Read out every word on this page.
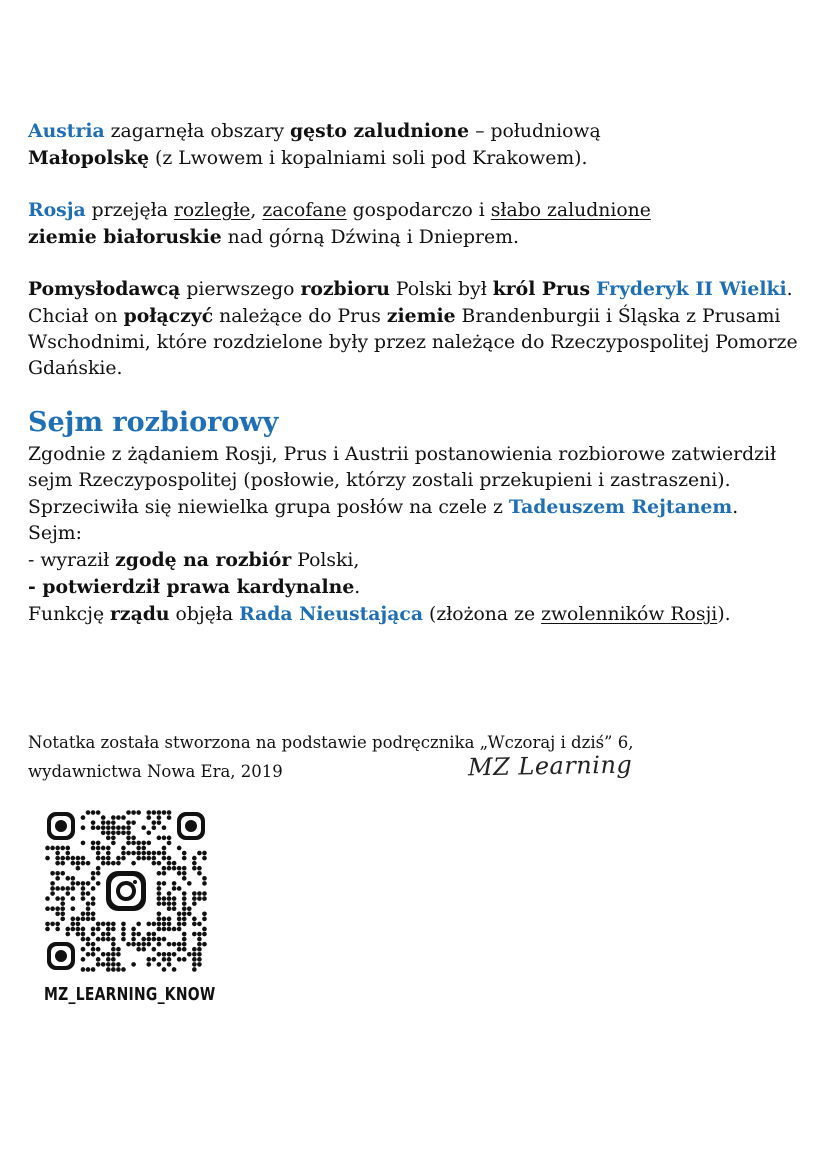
Austria zagarnęła obszary gęsto zaludnione – południową
Małopolskę (z Lwowem i kopalniami soli pod Krakowem).

Rosja przejęła rozległe, zacofane gospodarczo i słabo zaludnione
ziemie białoruskie nad górną Dźwiną i Dnieprem.

Pomysłodawcą pierwszego rozbioru Polski był król Prus Fryderyk II Wielki. Chciał on połączyć należące do Prus ziemie Brandenburgii i Śląska z Prusami Wschodnimi, które rozdzielone były przez należące do Rzeczypospolitej Pomorze Gdańskie.

Sejm rozbiorowy
Zgodnie z żądaniem Rosji, Prus i Austrii postanowienia rozbiorowe zatwierdził sejm Rzeczypospolitej (posłowie, którzy zostali przekupieni i zastraszeni).
Sprzeciwiła się niewielka grupa posłów na czele z Tadeuszem Rejtanem.
Sejm:
- wyraził zgodę na rozbiór Polski,
- potwierdził prawa kardynalne.
Funkcję rządu objęła Rada Nieustająca (złożona ze zwolenników Rosji).
Notatka została stworzona na podstawie podręcznika „Wczoraj i dziś” 6,
wydawnictwa Nowa Era, 2019	MZ Learning
MZ_LEARNING_KNOW
